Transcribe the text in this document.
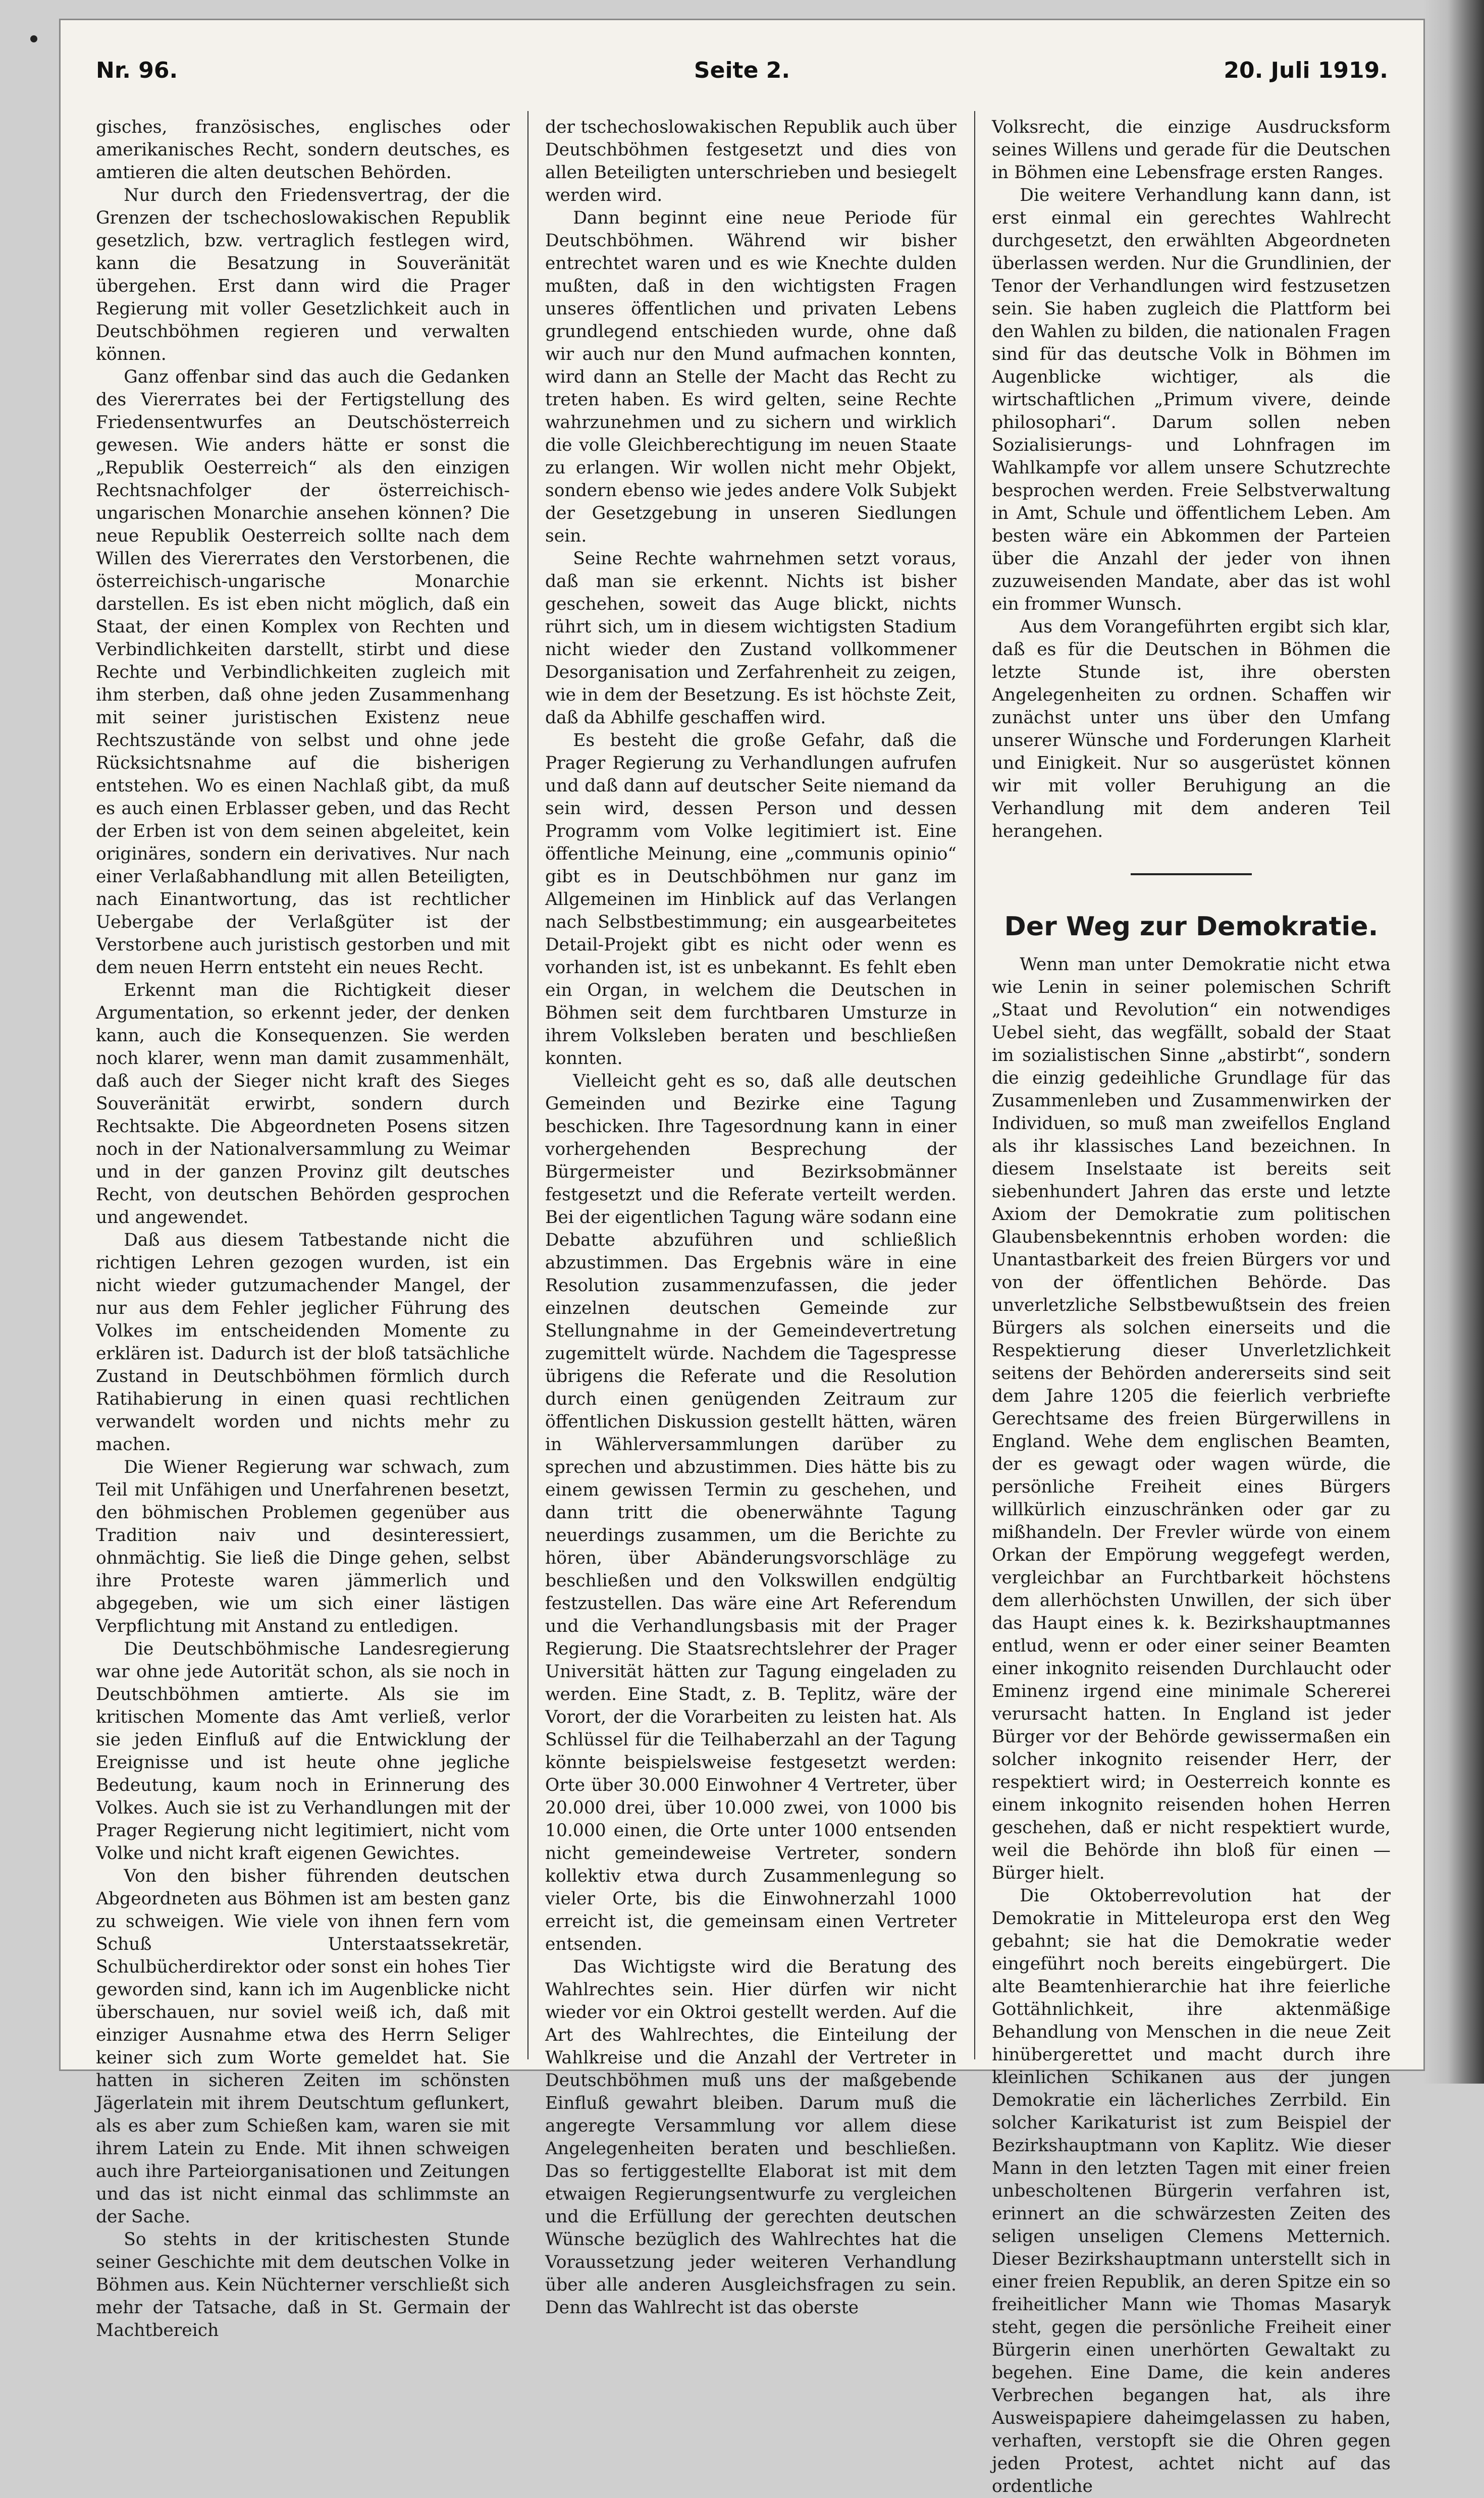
Nr. 96.	Seite 2.	20. Juli 1919.

gisches, französisches, englisches oder amerikanisches Recht, sondern deutsches, es amtieren die alten deutschen Behörden.

Nur durch den Friedensvertrag, der die Grenzen der tschechoslowakischen Republik gesetzlich, bzw. vertraglich festlegen wird, kann die Besatzung in Souveränität übergehen. Erst dann wird die Prager Regierung mit voller Gesetzlichkeit auch in Deutschböhmen regieren und verwalten können.

Ganz offenbar sind das auch die Gedanken des Viererrates bei der Fertigstellung des Friedensentwurfes an Deutschösterreich gewesen. Wie anders hätte er sonst die „Republik Oesterreich“ als den einzigen Rechtsnachfolger der österreichisch-ungarischen Monarchie ansehen können? Die neue Republik Oesterreich sollte nach dem Willen des Viererrates den Verstorbenen, die österreichisch-ungarische Monarchie darstellen. Es ist eben nicht möglich, daß ein Staat, der einen Komplex von Rechten und Verbindlichkeiten darstellt, stirbt und diese Rechte und Verbindlichkeiten zugleich mit ihm sterben, daß ohne jeden Zusammenhang mit seiner juristischen Existenz neue Rechtszustände von selbst und ohne jede Rücksichtsnahme auf die bisherigen entstehen. Wo es einen Nachlaß gibt, da muß es auch einen Erblasser geben, und das Recht der Erben ist von dem seinen abgeleitet, kein originäres, sondern ein derivatives. Nur nach einer Verlaßabhandlung mit allen Beteiligten, nach Einantwortung, das ist rechtlicher Uebergabe der Verlaßgüter ist der Verstorbene auch juristisch gestorben und mit dem neuen Herrn entsteht ein neues Recht.

Erkennt man die Richtigkeit dieser Argumentation, so erkennt jeder, der denken kann, auch die Konsequenzen. Sie werden noch klarer, wenn man damit zusammenhält, daß auch der Sieger nicht kraft des Sieges Souveränität erwirbt, sondern durch Rechtsakte. Die Abgeordneten Posens sitzen noch in der Nationalversammlung zu Weimar und in der ganzen Provinz gilt deutsches Recht, von deutschen Behörden gesprochen und angewendet.

Daß aus diesem Tatbestande nicht die richtigen Lehren gezogen wurden, ist ein nicht wieder gutzumachender Mangel, der nur aus dem Fehler jeglicher Führung des Volkes im entscheidenden Momente zu erklären ist. Dadurch ist der bloß tatsächliche Zustand in Deutschböhmen förmlich durch Ratihabierung in einen quasi rechtlichen verwandelt worden und nichts mehr zu machen.

Die Wiener Regierung war schwach, zum Teil mit Unfähigen und Unerfahrenen besetzt, den böhmischen Problemen gegenüber aus Tradition naiv und desinteressiert, ohnmächtig. Sie ließ die Dinge gehen, selbst ihre Proteste waren jämmerlich und abgegeben, wie um sich einer lästigen Verpflichtung mit Anstand zu entledigen.

Die Deutschböhmische Landesregierung war ohne jede Autorität schon, als sie noch in Deutschböhmen amtierte. Als sie im kritischen Momente das Amt verließ, verlor sie jeden Einfluß auf die Entwicklung der Ereignisse und ist heute ohne jegliche Bedeutung, kaum noch in Erinnerung des Volkes. Auch sie ist zu Verhandlungen mit der Prager Regierung nicht legitimiert, nicht vom Volke und nicht kraft eigenen Gewichtes.

Von den bisher führenden deutschen Abgeordneten aus Böhmen ist am besten ganz zu schweigen. Wie viele von ihnen fern vom Schuß Unterstaatssekretär, Schulbücherdirektor oder sonst ein hohes Tier geworden sind, kann ich im Augenblicke nicht überschauen, nur soviel weiß ich, daß mit einziger Ausnahme etwa des Herrn Seliger keiner sich zum Worte gemeldet hat. Sie hatten in sicheren Zeiten im schönsten Jägerlatein mit ihrem Deutschtum geflunkert, als es aber zum Schießen kam, waren sie mit ihrem Latein zu Ende. Mit ihnen schweigen auch ihre Parteiorganisationen und Zeitungen und das ist nicht einmal das schlimmste an der Sache.

So stehts in der kritischesten Stunde seiner Geschichte mit dem deutschen Volke in Böhmen aus. Kein Nüchterner verschließt sich mehr der Tatsache, daß in St. Germain der Machtbereich

der tschechoslowakischen Republik auch über Deutschböhmen festgesetzt und dies von allen Beteiligten unterschrieben und besiegelt werden wird.

Dann beginnt eine neue Periode für Deutschböhmen. Während wir bisher entrechtet waren und es wie Knechte dulden mußten, daß in den wichtigsten Fragen unseres öffentlichen und privaten Lebens grundlegend entschieden wurde, ohne daß wir auch nur den Mund aufmachen konnten, wird dann an Stelle der Macht das Recht zu treten haben. Es wird gelten, seine Rechte wahrzunehmen und zu sichern und wirklich die volle Gleichberechtigung im neuen Staate zu erlangen. Wir wollen nicht mehr Objekt, sondern ebenso wie jedes andere Volk Subjekt der Gesetzgebung in unseren Siedlungen sein.

Seine Rechte wahrnehmen setzt voraus, daß man sie erkennt. Nichts ist bisher geschehen, soweit das Auge blickt, nichts rührt sich, um in diesem wichtigsten Stadium nicht wieder den Zustand vollkommener Desorganisation und Zerfahrenheit zu zeigen, wie in dem der Besetzung. Es ist höchste Zeit, daß da Abhilfe geschaffen wird.

Es besteht die große Gefahr, daß die Prager Regierung zu Verhandlungen aufrufen und daß dann auf deutscher Seite niemand da sein wird, dessen Person und dessen Programm vom Volke legitimiert ist. Eine öffentliche Meinung, eine „communis opinio“ gibt es in Deutschböhmen nur ganz im Allgemeinen im Hinblick auf das Verlangen nach Selbstbestimmung; ein ausgearbeitetes Detail-Projekt gibt es nicht oder wenn es vorhanden ist, ist es unbekannt. Es fehlt eben ein Organ, in welchem die Deutschen in Böhmen seit dem furchtbaren Umsturze in ihrem Volksleben beraten und beschließen konnten.

Vielleicht geht es so, daß alle deutschen Gemeinden und Bezirke eine Tagung beschicken. Ihre Tagesordnung kann in einer vorhergehenden Besprechung der Bürgermeister und Bezirksobmänner festgesetzt und die Referate verteilt werden. Bei der eigentlichen Tagung wäre sodann eine Debatte abzuführen und schließlich abzustimmen. Das Ergebnis wäre in eine Resolution zusammenzufassen, die jeder einzelnen deutschen Gemeinde zur Stellungnahme in der Gemeindevertretung zugemittelt würde. Nachdem die Tagespresse übrigens die Referate und die Resolution durch einen genügenden Zeitraum zur öffentlichen Diskussion gestellt hätten, wären in Wählerversammlungen darüber zu sprechen und abzustimmen. Dies hätte bis zu einem gewissen Termin zu geschehen, und dann tritt die obenerwähnte Tagung neuerdings zusammen, um die Berichte zu hören, über Abänderungsvorschläge zu beschließen und den Volkswillen endgültig festzustellen. Das wäre eine Art Referendum und die Verhandlungsbasis mit der Prager Regierung. Die Staatsrechtslehrer der Prager Universität hätten zur Tagung eingeladen zu werden. Eine Stadt, z. B. Teplitz, wäre der Vorort, der die Vorarbeiten zu leisten hat. Als Schlüssel für die Teilhaberzahl an der Tagung könnte beispielsweise festgesetzt werden: Orte über 30.000 Einwohner 4 Vertreter, über 20.000 drei, über 10.000 zwei, von 1000 bis 10.000 einen, die Orte unter 1000 entsenden nicht gemeindeweise Vertreter, sondern kollektiv etwa durch Zusammenlegung so vieler Orte, bis die Einwohnerzahl 1000 erreicht ist, die gemeinsam einen Vertreter entsenden.

Das Wichtigste wird die Beratung des Wahlrechtes sein. Hier dürfen wir nicht wieder vor ein Oktroi gestellt werden. Auf die Art des Wahlrechtes, die Einteilung der Wahlkreise und die Anzahl der Vertreter in Deutschböhmen muß uns der maßgebende Einfluß gewahrt bleiben. Darum muß die angeregte Versammlung vor allem diese Angelegenheiten beraten und beschließen. Das so fertiggestellte Elaborat ist mit dem etwaigen Regierungsentwurfe zu vergleichen und die Erfüllung der gerechten deutschen Wünsche bezüglich des Wahlrechtes hat die Voraussetzung jeder weiteren Verhandlung über alle anderen Ausgleichsfragen zu sein. Denn das Wahlrecht ist das oberste

Volksrecht, die einzige Ausdrucksform seines Willens und gerade für die Deutschen in Böhmen eine Lebensfrage ersten Ranges.

Die weitere Verhandlung kann dann, ist erst einmal ein gerechtes Wahlrecht durchgesetzt, den erwählten Abgeordneten überlassen werden. Nur die Grundlinien, der Tenor der Verhandlungen wird festzusetzen sein. Sie haben zugleich die Plattform bei den Wahlen zu bilden, die nationalen Fragen sind für das deutsche Volk in Böhmen im Augenblicke wichtiger, als die wirtschaftlichen „Primum vivere, deinde philosophari“. Darum sollen neben Sozialisierungs- und Lohnfragen im Wahlkampfe vor allem unsere Schutzrechte besprochen werden. Freie Selbstverwaltung in Amt, Schule und öffentlichem Leben. Am besten wäre ein Abkommen der Parteien über die Anzahl der jeder von ihnen zuzuweisenden Mandate, aber das ist wohl ein frommer Wunsch.

Aus dem Vorangeführten ergibt sich klar, daß es für die Deutschen in Böhmen die letzte Stunde ist, ihre obersten Angelegenheiten zu ordnen. Schaffen wir zunächst unter uns über den Umfang unserer Wünsche und Forderungen Klarheit und Einigkeit. Nur so ausgerüstet können wir mit voller Beruhigung an die Verhandlung mit dem anderen Teil herangehen.

Der Weg zur Demokratie.

Wenn man unter Demokratie nicht etwa wie Lenin in seiner polemischen Schrift „Staat und Revolution“ ein notwendiges Uebel sieht, das wegfällt, sobald der Staat im sozialistischen Sinne „abstirbt“, sondern die einzig gedeihliche Grundlage für das Zusammenleben und Zusammenwirken der Individuen, so muß man zweifellos England als ihr klassisches Land bezeichnen. In diesem Inselstaate ist bereits seit siebenhundert Jahren das erste und letzte Axiom der Demokratie zum politischen Glaubensbekenntnis erhoben worden: die Unantastbarkeit des freien Bürgers vor und von der öffentlichen Behörde. Das unverletzliche Selbstbewußtsein des freien Bürgers als solchen einerseits und die Respektierung dieser Unverletzlichkeit seitens der Behörden andererseits sind seit dem Jahre 1205 die feierlich verbriefte Gerechtsame des freien Bürgerwillens in England. Wehe dem englischen Beamten, der es gewagt oder wagen würde, die persönliche Freiheit eines Bürgers willkürlich einzuschränken oder gar zu mißhandeln. Der Frevler würde von einem Orkan der Empörung weggefegt werden, vergleichbar an Furchtbarkeit höchstens dem allerhöchsten Unwillen, der sich über das Haupt eines k. k. Bezirkshauptmannes entlud, wenn er oder einer seiner Beamten einer inkognito reisenden Durchlaucht oder Eminenz irgend eine minimale Schererei verursacht hatten. In England ist jeder Bürger vor der Behörde gewissermaßen ein solcher inkognito reisender Herr, der respektiert wird; in Oesterreich konnte es einem inkognito reisenden hohen Herren geschehen, daß er nicht respektiert wurde, weil die Behörde ihn bloß für einen — Bürger hielt.

Die Oktoberrevolution hat der Demokratie in Mitteleuropa erst den Weg gebahnt; sie hat die Demokratie weder eingeführt noch bereits eingebürgert. Die alte Beamtenhierarchie hat ihre feierliche Gottähnlichkeit, ihre aktenmäßige Behandlung von Menschen in die neue Zeit hinübergerettet und macht durch ihre kleinlichen Schikanen aus der jungen Demokratie ein lächerliches Zerrbild. Ein solcher Karikaturist ist zum Beispiel der Bezirkshauptmann von Kaplitz. Wie dieser Mann in den letzten Tagen mit einer freien unbescholtenen Bürgerin verfahren ist, erinnert an die schwärzesten Zeiten des seligen unseligen Clemens Metternich. Dieser Bezirkshauptmann unterstellt sich in einer freien Republik, an deren Spitze ein so freiheitlicher Mann wie Thomas Masaryk steht, gegen die persönliche Freiheit einer Bürgerin einen unerhörten Gewaltakt zu begehen. Eine Dame, die kein anderes Verbrechen begangen hat, als ihre Ausweispapiere daheimgelassen zu haben, verhaften, verstopft sie die Ohren gegen jeden Protest, achtet nicht auf das ordentliche
